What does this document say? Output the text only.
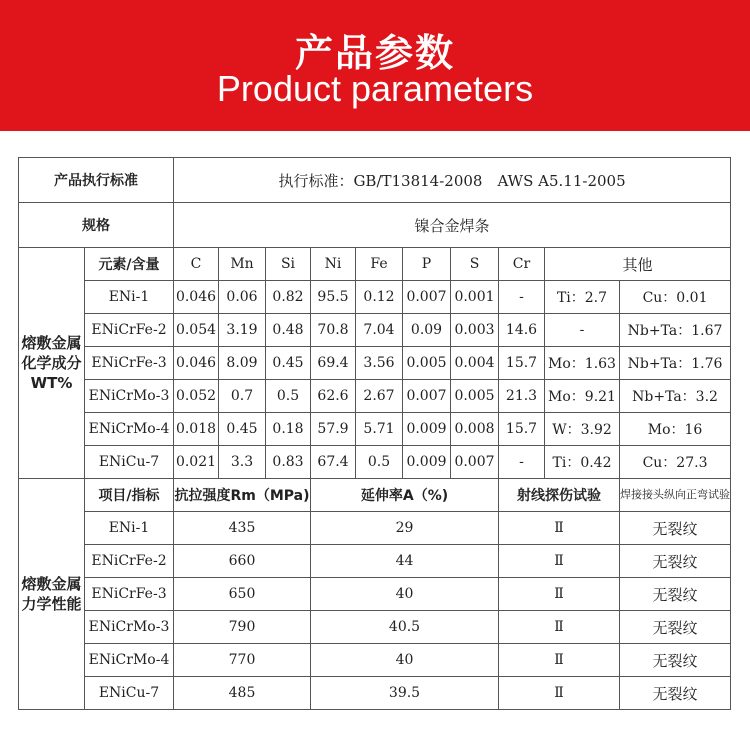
产品参数
Product parameters
产品执行标准		执行标准：GB/T13814-2008　AWS A5.11-2005									
规格		镍合金焊条									
熔敷金属化学成分WT%	元素/含量	C	Mn	Si	Ni	Fe	P	S	Cr	其他	
	ENi-1	0.046	0.06	0.82	95.5	0.12	0.007	0.001	-	Ti：2.7	Cu：0.01
	ENiCrFe-2	0.054	3.19	0.48	70.8	7.04	0.09	0.003	14.6	-	Nb+Ta：1.67
	ENiCrFe-3	0.046	8.09	0.45	69.4	3.56	0.005	0.004	15.7	Mo：1.63	Nb+Ta：1.76
	ENiCrMo-3	0.052	0.7	0.5	62.6	2.67	0.007	0.005	21.3	Mo：9.21	Nb+Ta：3.2
	ENiCrMo-4	0.018	0.45	0.18	57.9	5.71	0.009	0.008	15.7	W：3.92	Mo：16
	ENiCu-7	0.021	3.3	0.83	67.4	0.5	0.009	0.007	-	Ti：0.42	Cu：27.3
熔敷金属力学性能	项目/指标	抗拉强度Rm（MPa)			延伸率A（%)				射线探伤试验		焊接接头纵向正弯试验
	ENi-1	435			29				Ⅱ		无裂纹
	ENiCrFe-2	660			44				Ⅱ		无裂纹
	ENiCrFe-3	650			40				Ⅱ		无裂纹
	ENiCrMo-3	790			40.5				Ⅱ		无裂纹
	ENiCrMo-4	770			40				Ⅱ		无裂纹
	ENiCu-7	485			39.5				Ⅱ		无裂纹
